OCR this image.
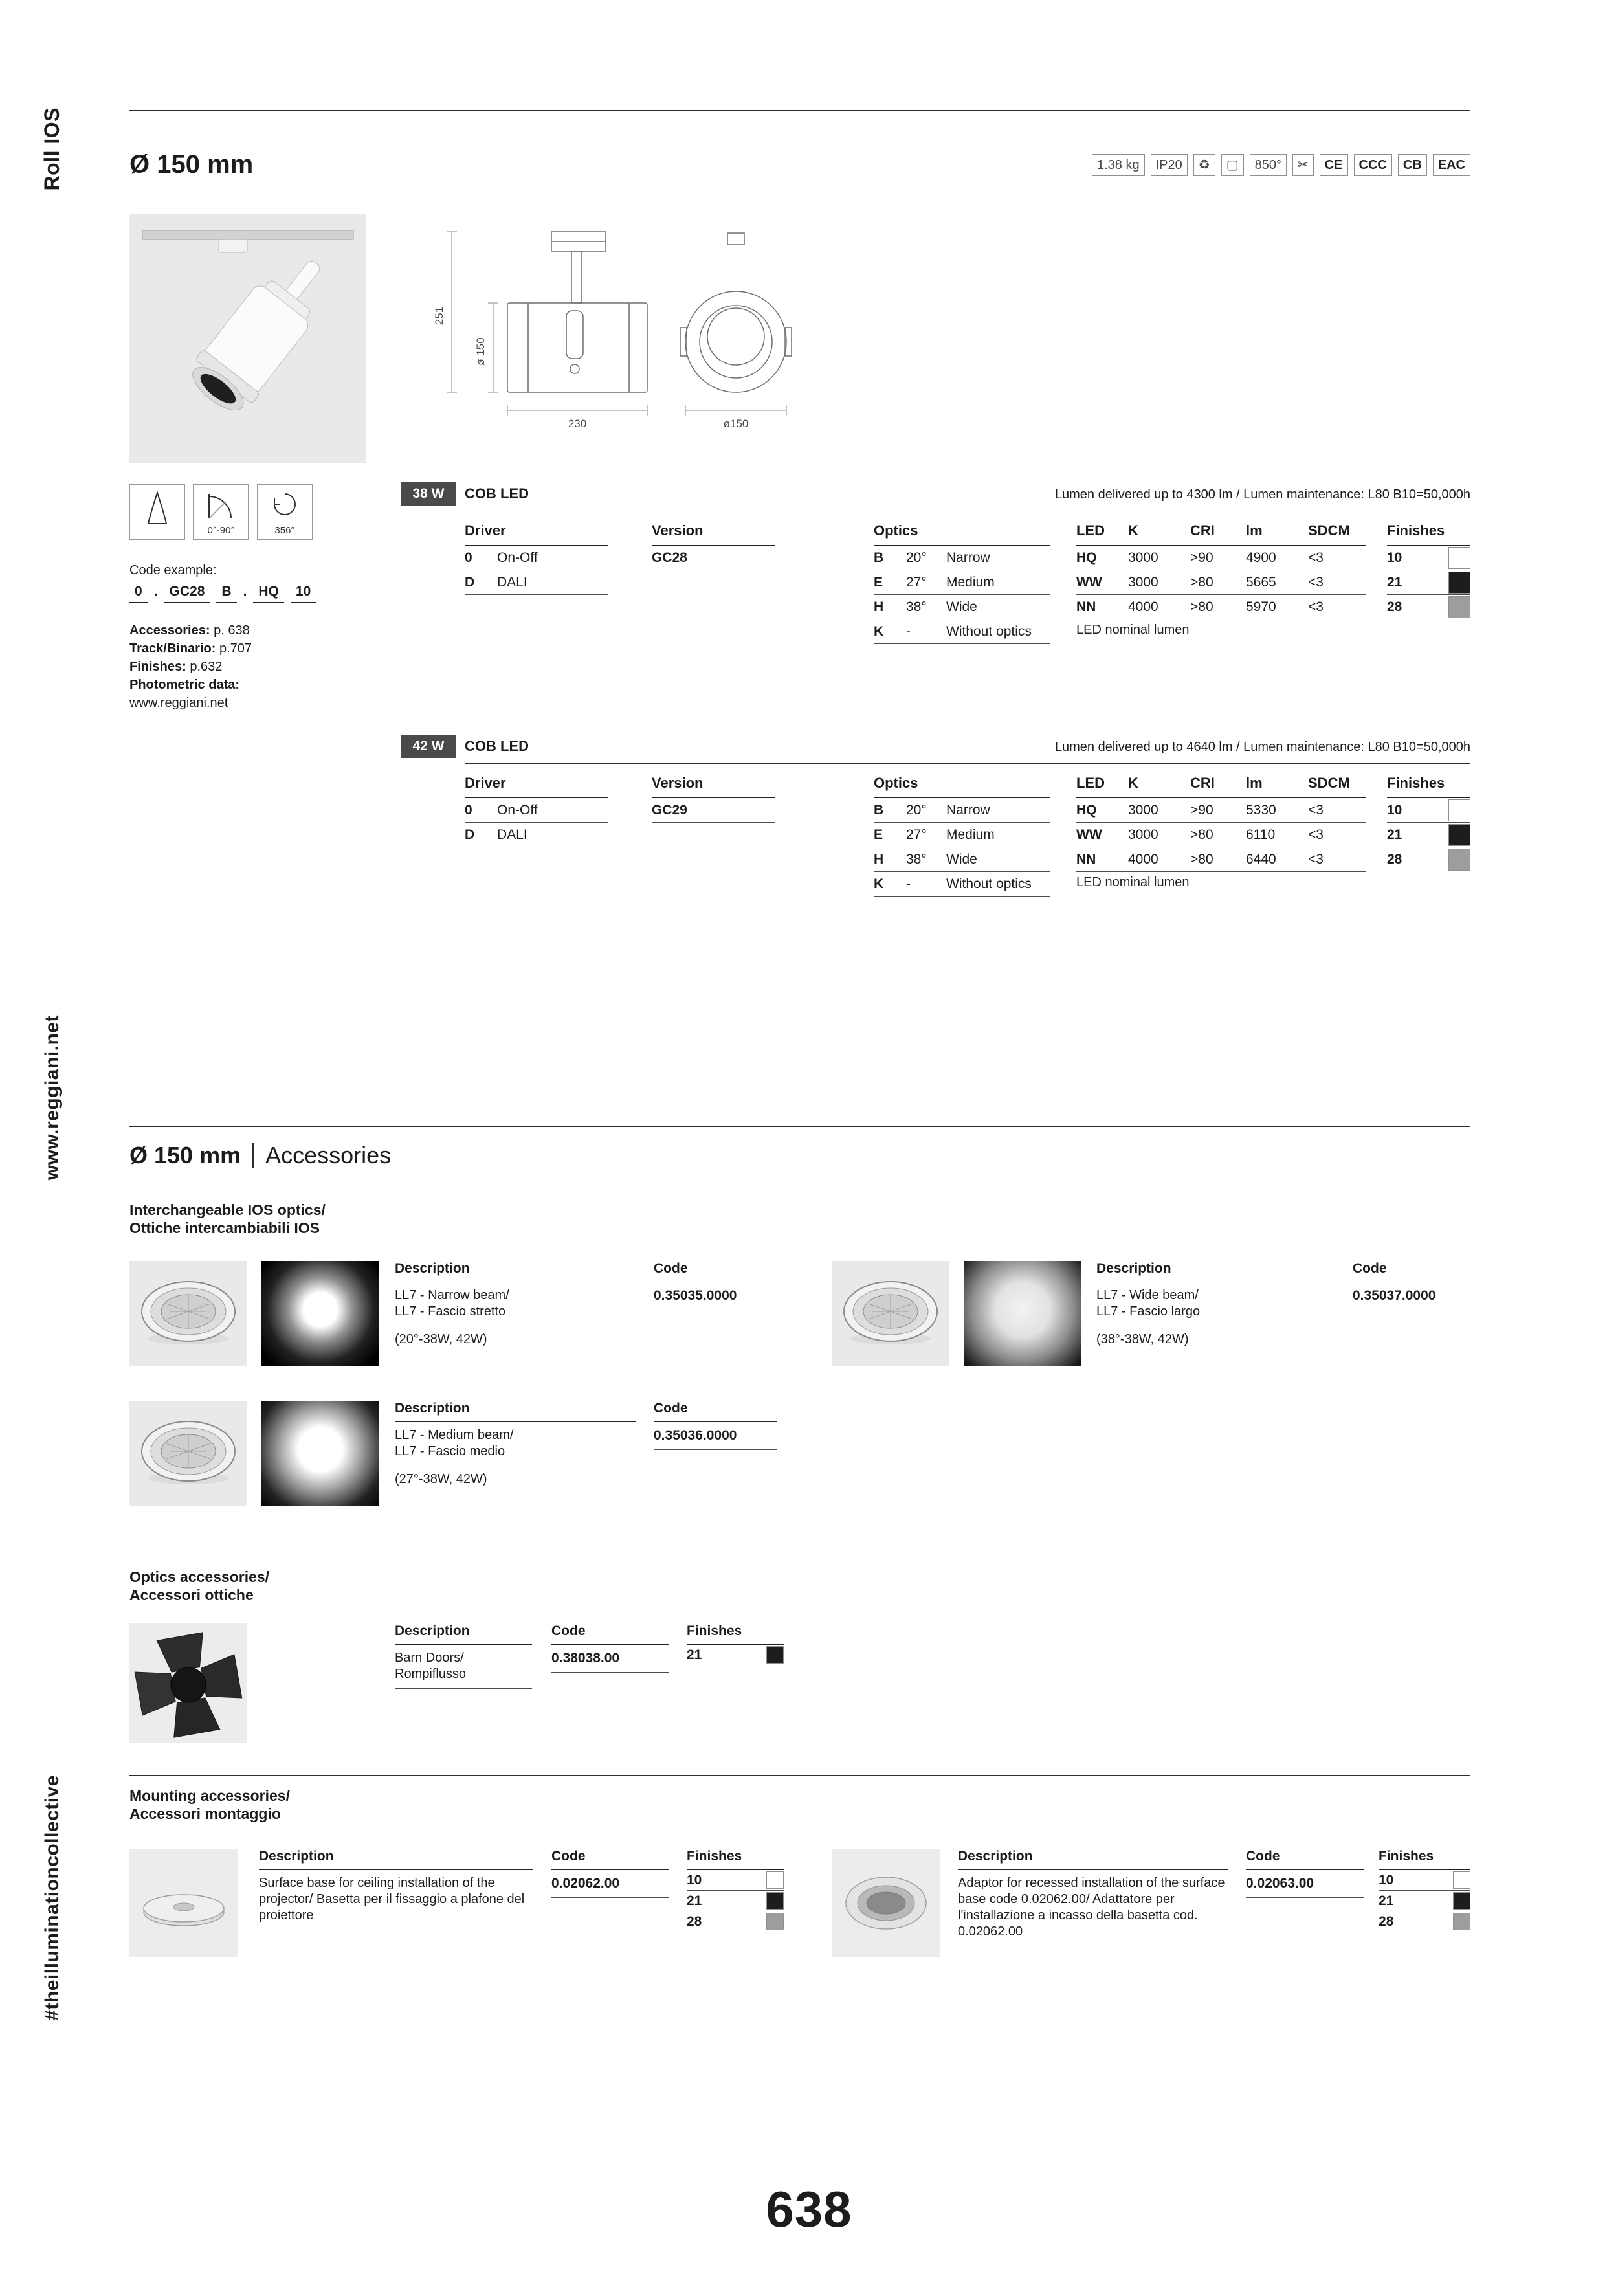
Roll IOS
www.reggiani.net
#theilluminationcollective
Ø 150 mm	1.38 kg	IP20	♻	▢	850°	✂	CE	CCC	CB	EAC
251
ø 150
230	ø150

0°-90°
	356°
Code example:
0 . GC28	B . HQ	10
Accessories: p. 638
Track/Binario: p.707
Finishes: p.632
Photometric data:
www.reggiani.net
38 W	COB LED	Lumen delivered up to 4300 lm / Lumen maintenance: L80 B10=50,000h
Driver
0	On-Off
D	DALI
Version
GC28
Optics
B	20°	Narrow
E	27°	Medium
H	38°	Wide
K	-	Without optics
LED	K	CRI	lm	SDCM
HQ	3000	>90	4900	<3
WW	3000	>80	5665	<3
NN	4000	>80	5970	<3
LED nominal lumen
Finishes
10
21
28
42 W	COB LED	Lumen delivered up to 4640 lm / Lumen maintenance: L80 B10=50,000h
Driver
0	On-Off
D	DALI
Version
GC29
Optics
B	20°	Narrow
E	27°	Medium
H	38°	Wide
K	-	Without optics
LED	K	CRI	lm	SDCM
HQ	3000	>90	5330	<3
WW	3000	>80	6110	<3
NN	4000	>80	6440	<3
LED nominal lumen
Finishes
10
21
28
Ø 150 mm Accessories
Interchangeable IOS optics/
Ottiche intercambiabili IOS
Description
LL7 - Narrow beam/
LL7 - Fascio stretto
(20°-38W, 42W)
Code
0.35035.0000
Description
LL7 - Wide beam/
LL7 - Fascio largo
(38°-38W, 42W)
Code
0.35037.0000
Description
LL7 - Medium beam/
LL7 - Fascio medio
(27°-38W, 42W)
Code
0.35036.0000
Optics accessories/
Accessori ottiche
Description
Barn Doors/
Rompiflusso
Code
0.38038.00
Finishes
21
Mounting accessories/
Accessori montaggio
Description
Surface base for ceiling installation of the projector/ Basetta per il fissaggio a plafone del proiettore
Code
0.02062.00
Finishes
10
21
28
Description
Adaptor for recessed installation of the surface base code 0.02062.00/ Adattatore per l'installazione a incasso della basetta cod. 0.02062.00
Code
0.02063.00
Finishes
10
21
28
638
